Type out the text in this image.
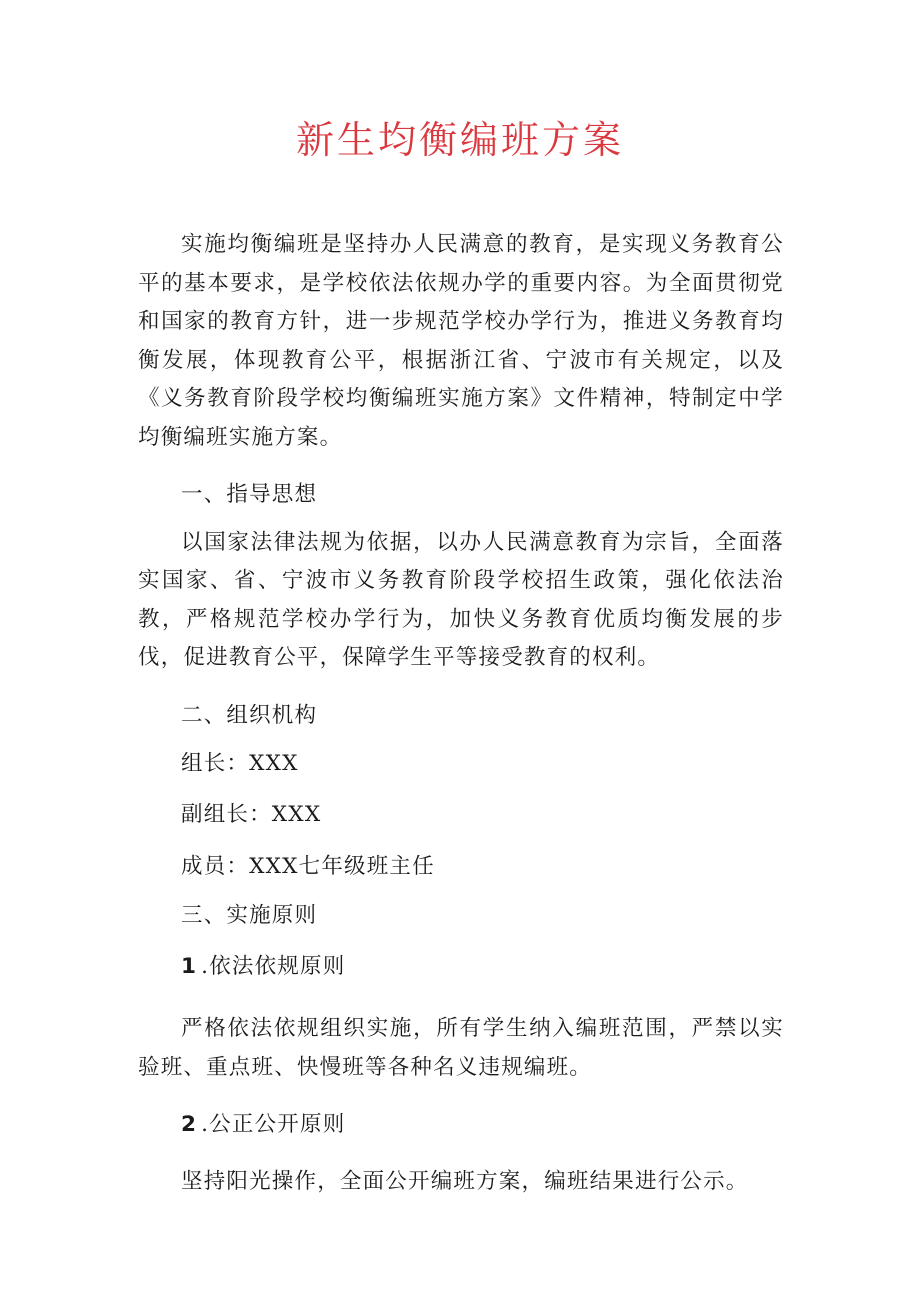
新生均衡编班方案

实施均衡编班是坚持办人民满意的教育，是实现义务教育公平的基本要求，是学校依法依规办学的重要内容。为全面贯彻党和国家的教育方针，进一步规范学校办学行为，推进义务教育均衡发展，体现教育公平，根据浙江省、宁波市有关规定，以及《义务教育阶段学校均衡编班实施方案》文件精神，特制定中学均衡编班实施方案。

一、指导思想

以国家法律法规为依据，以办人民满意教育为宗旨，全面落实国家、省、宁波市义务教育阶段学校招生政策，强化依法治教，严格规范学校办学行为，加快义务教育优质均衡发展的步伐，促进教育公平，保障学生平等接受教育的权利。

二、组织机构

组长：XXX

副组长：XXX

成员：XXX七年级班主任

三、实施原则

1 .依法依规原则

严格依法依规组织实施，所有学生纳入编班范围，严禁以实验班、重点班、快慢班等各种名义违规编班。

2 .公正公开原则

坚持阳光操作，全面公开编班方案，编班结果进行公示。
